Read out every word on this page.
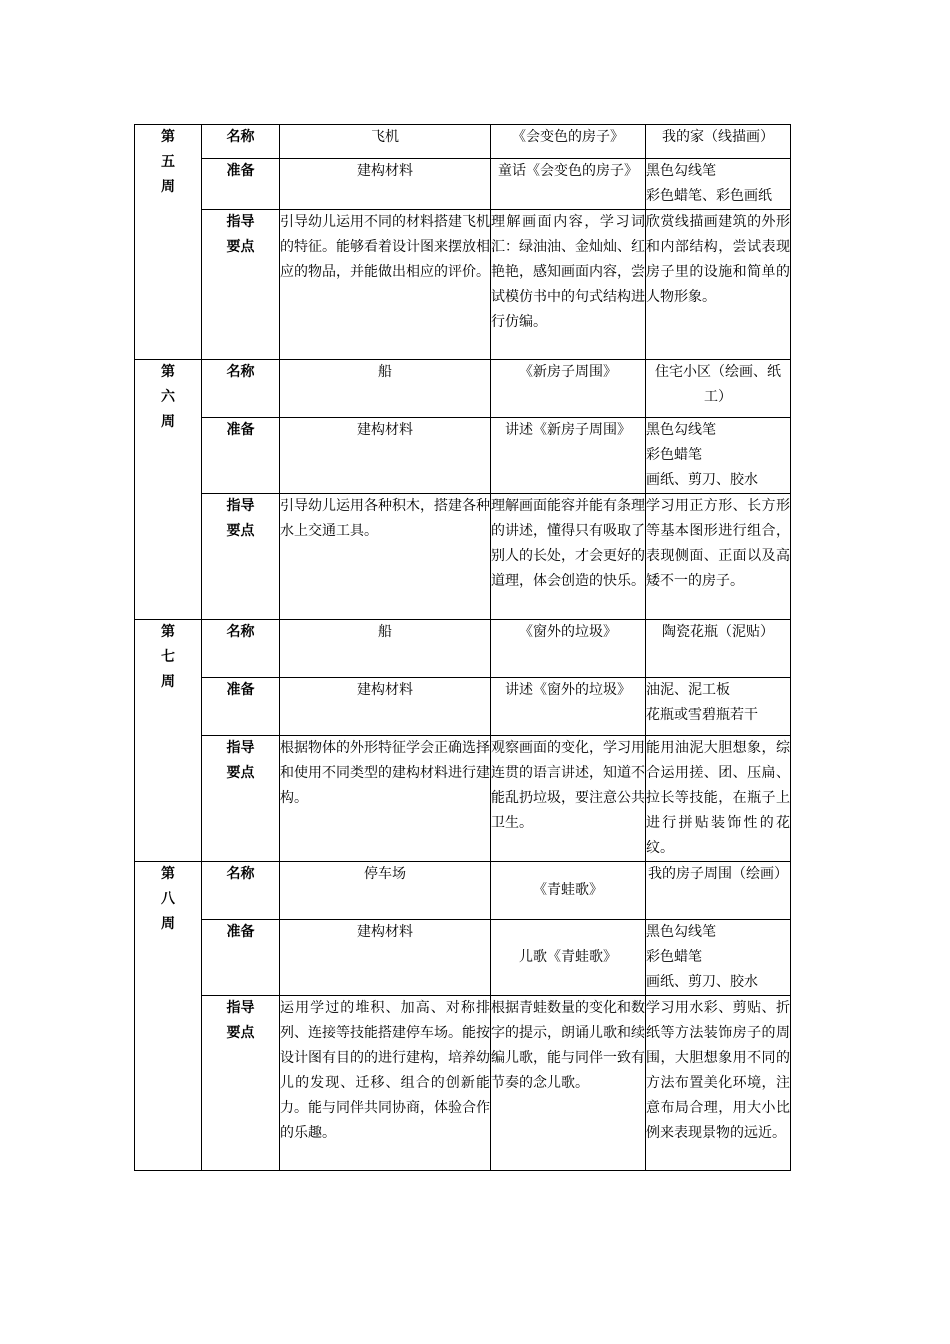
第
五
周	名称	飞机	《会变色的房子》	我的家（线描画）

	准备	建构材料	童话《会变色的房子》	黑色勾线笔
彩色蜡笔、彩色画纸

	指导
要点	引导幼儿运用不同的材料搭建飞机的特征。能够看着设计图来摆放相应的物品，并能做出相应的评价。	理解画面内容，学习词汇：绿油油、金灿灿、红艳艳，感知画面内容，尝试模仿书中的句式结构进行仿编。	欣赏线描画建筑的外形和内部结构，尝试表现房子里的设施和简单的人物形象。

第
六
周	名称	船	《新房子周围》	住宅小区（绘画、纸工）

	准备	建构材料	讲述《新房子周围》	黑色勾线笔
彩色蜡笔
画纸、剪刀、胶水

	指导
要点	引导幼儿运用各种积木，搭建各种水上交通工具。	理解画面能容并能有条理的讲述，懂得只有吸取了别人的长处，才会更好的道理，体会创造的快乐。	学习用正方形、长方形等基本图形进行组合，表现侧面、正面以及高矮不一的房子。

第
七
周	名称	船	《窗外的垃圾》	陶瓷花瓶（泥贴）

	准备	建构材料	讲述《窗外的垃圾》	油泥、泥工板
花瓶或雪碧瓶若干

	指导
要点	根据物体的外形特征学会正确选择和使用不同类型的建构材料进行建构。	观察画面的变化，学习用连贯的语言讲述，知道不能乱扔垃圾，要注意公共卫生。	能用油泥大胆想象，综合运用搓、团、压扁、拉长等技能，在瓶子上进行拼贴装饰性的花纹。

第
八
周	名称	停车场	《青蛙歌》	我的房子周围（绘画）

	准备	建构材料	儿歌《青蛙歌》	黑色勾线笔
彩色蜡笔
画纸、剪刀、胶水

	指导
要点	运用学过的堆积、加高、对称排列、连接等技能搭建停车场。能按设计图有目的的进行建构，培养幼儿的发现、迁移、组合的创新能力。能与同伴共同协商，体验合作的乐趣。	根据青蛙数量的变化和数字的提示，朗诵儿歌和续编儿歌，能与同伴一致有节奏的念儿歌。	学习用水彩、剪贴、折纸等方法装饰房子的周围，大胆想象用不同的方法布置美化环境，注意布局合理，用大小比例来表现景物的远近。
